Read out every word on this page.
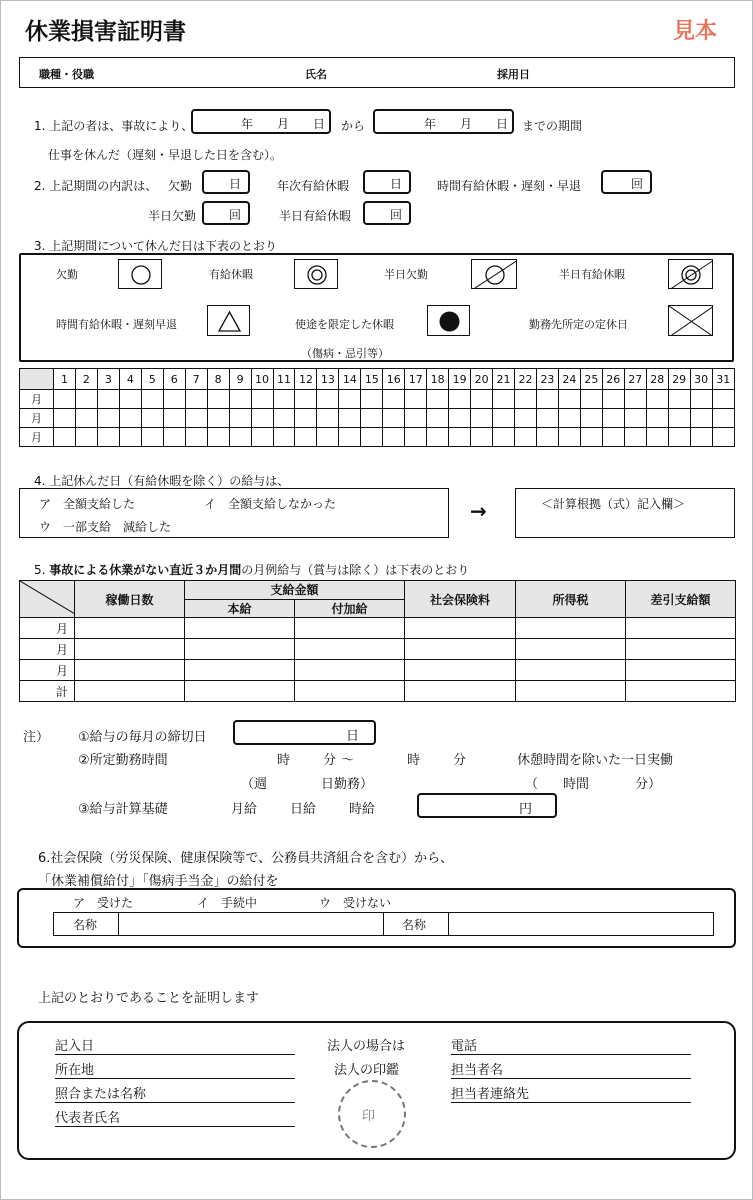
休業損害証明書	見本
職種・役職	氏名	採用日
1. 上記の者は、事故により、	年　　月　　日 から	年　　月　　日 までの期間
仕事を休んだ（遅刻・早退した日を含む）。
2. 上記期間の内訳は、 欠勤	日	年次有給休暇	日	時間有給休暇・遅刻・早退	回
半日欠勤	回	半日有給休暇	回
3. 上記期間について休んだ日は下表のとおり
欠勤	有給休暇	半日欠勤	半日有給休暇
時間有給休暇・遅刻早退	使途を限定した休暇
（傷病・忌引等）
勤務先所定の定休日
	1	2	3	4	5	6	7	8	9	10	11	12	13	14	15	16	17	18	19	20	21	22	23	24	25	26	27	28	29	30	31
月																															
月																															
月																															
4. 上記休んだ日（有給休暇を除く）の給与は、
ア　全額支給した	イ　全額支給しなかった
ウ　一部支給　減給した
→	＜計算根拠（式）記入欄＞
5. 事故による休業がない直近３か月間の月例給与（賞与は除く）は下表のとおり
	稼働日数	支給金額		社会保険料	所得税	差引支給額
		本給	付加給			
月						
月						
月						
計						
注） ①給与の毎月の締切日	日
②所定勤務時間	時	分 ～	時	分	休憩時間を除いた一日実働
（週	日勤務）	（ 時間	分）
③給与計算基礎	月給	日給	時給	円
6.社会保険（労災保険、健康保険等で、公務員共済組合を含む）から、
「休業補償給付」「傷病手当金」の給付を
ア　受けた	イ　手続中	ウ　受けない
名称	名称
上記のとおりであることを証明します
記入日
所在地
照合または名称
代表者氏名
法人の場合は
法人の印鑑
印
電話
担当者名
担当者連絡先
